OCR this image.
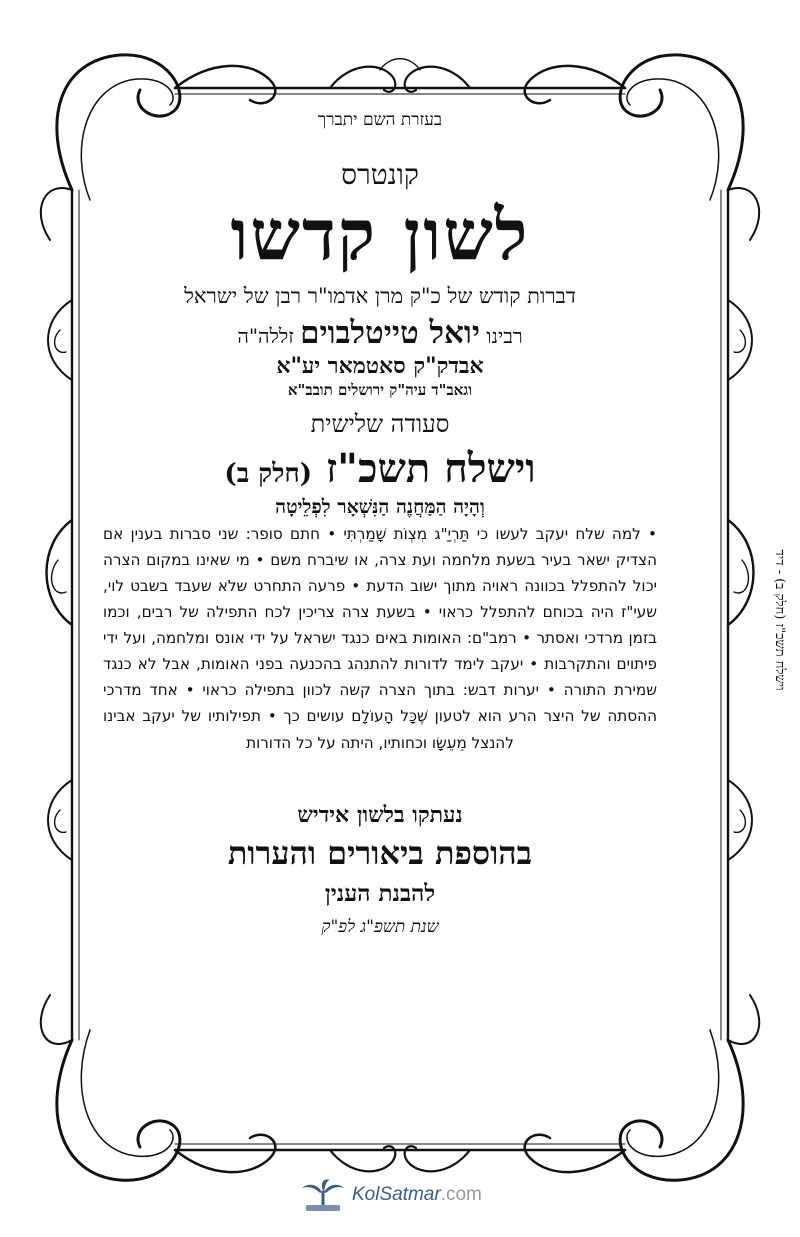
בעזרת השם יתברך

קונטרס

לשון קדשו

דברות קודש של כ"ק מרן אדמו"ר רבן של ישראל

רבינו יואל טייטלבוים זללה"ה

אבדק"ק סאטמאר יע"א

וגאב"ד עיה"ק ירושלים תובב"א

סעודה שלישית

וישלח תשכ"ז (חלק ב)

וְהָיָה הַמַּחֲנֶה הַנִּשְׁאָר לִפְלֵיטָה

• למה שלח יעקב לעשו כי תַּרְיַ"ג מִצְוֹת שָׁמַרְתִּי • חתם סופר: שני סברות בענין אם הצדיק ישאר בעיר בשעת מלחמה ועת צרה, או שיברח משם • מי שאינו במקום הצרה יכול להתפלל בכוונה ראויה מתוך ישוב הדעת • פרעה התחרט שלא שעבד בשבט לוי, שעי"ז היה בכוחם להתפלל כראוי • בשעת צרה צריכין לכח התפילה של רבים, וכמו בזמן מרדכי ואסתר • רמב"ם: האומות באים כנגד ישראל על ידי אונס ומלחמה, ועל ידי פיתוים והתקרבות • יעקב לימד לדורות להתנהג בהכנעה בפני האומות, אבל לא כנגד שמירת התורה • יערות דבש: בתוך הצרה קשה לכוון בתפילה כראוי • אחד מדרכי ההסתה של היצר הרע הוא לטעון שֶׁכָּל הָעוֹלָם עושים כך • תפילותיו של יעקב אבינו להנצל מֵעֵשָׂו וכחותיו, היתה על כל הדורות

נעתקו בלשון אידיש

בהוספת ביאורים והערות

להבנת הענין

שנת תשפ"ג לפ"ק

וישלח תשכ"ז (חלק ב) - דיד
KolSatmar.com
